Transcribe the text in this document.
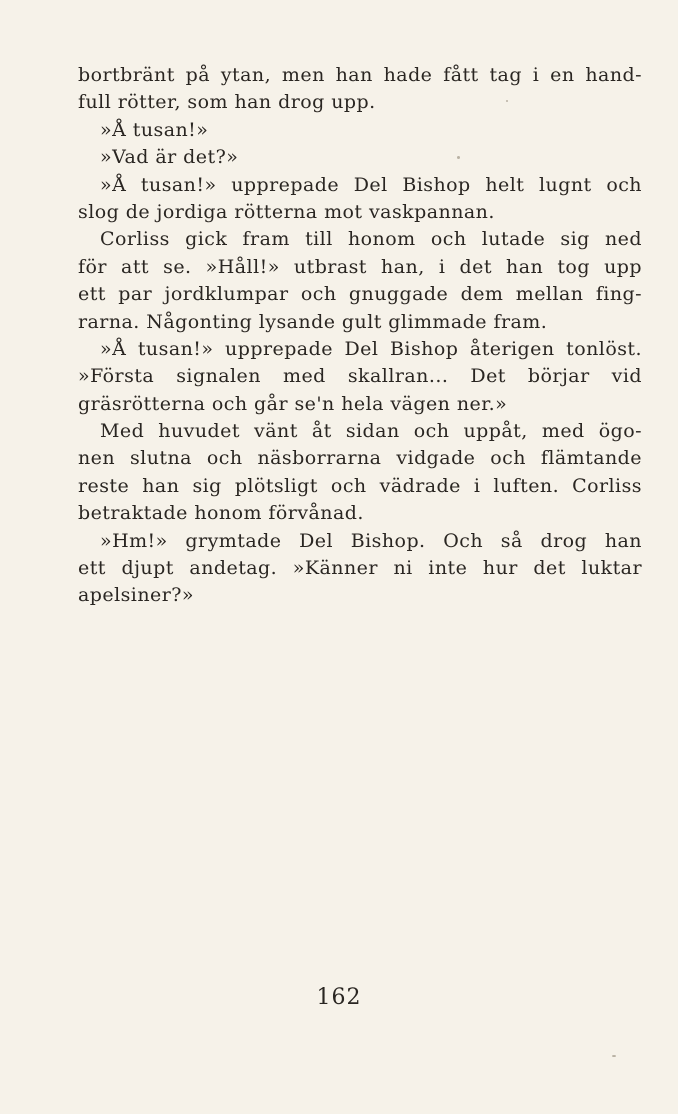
bortbränt på ytan, men han hade fått tag i en hand-
full rötter, som han drog upp.
»Å tusan!»
»Vad är det?»
»Å tusan!» upprepade Del Bishop helt lugnt och
slog de jordiga rötterna mot vaskpannan.
Corliss gick fram till honom och lutade sig ned
för att se. »Håll!» utbrast han, i det han tog upp
ett par jordklumpar och gnuggade dem mellan fing-
rarna. Någonting lysande gult glimmade fram.
»Å tusan!» upprepade Del Bishop återigen tonlöst.
»Första signalen med skallran... Det börjar vid
gräsrötterna och går se'n hela vägen ner.»
Med huvudet vänt åt sidan och uppåt, med ögo-
nen slutna och näsborrarna vidgade och flämtande
reste han sig plötsligt och vädrade i luften. Corliss
betraktade honom förvånad.
»Hm!» grymtade Del Bishop. Och så drog han
ett djupt andetag. »Känner ni inte hur det luktar
apelsiner?»
162
